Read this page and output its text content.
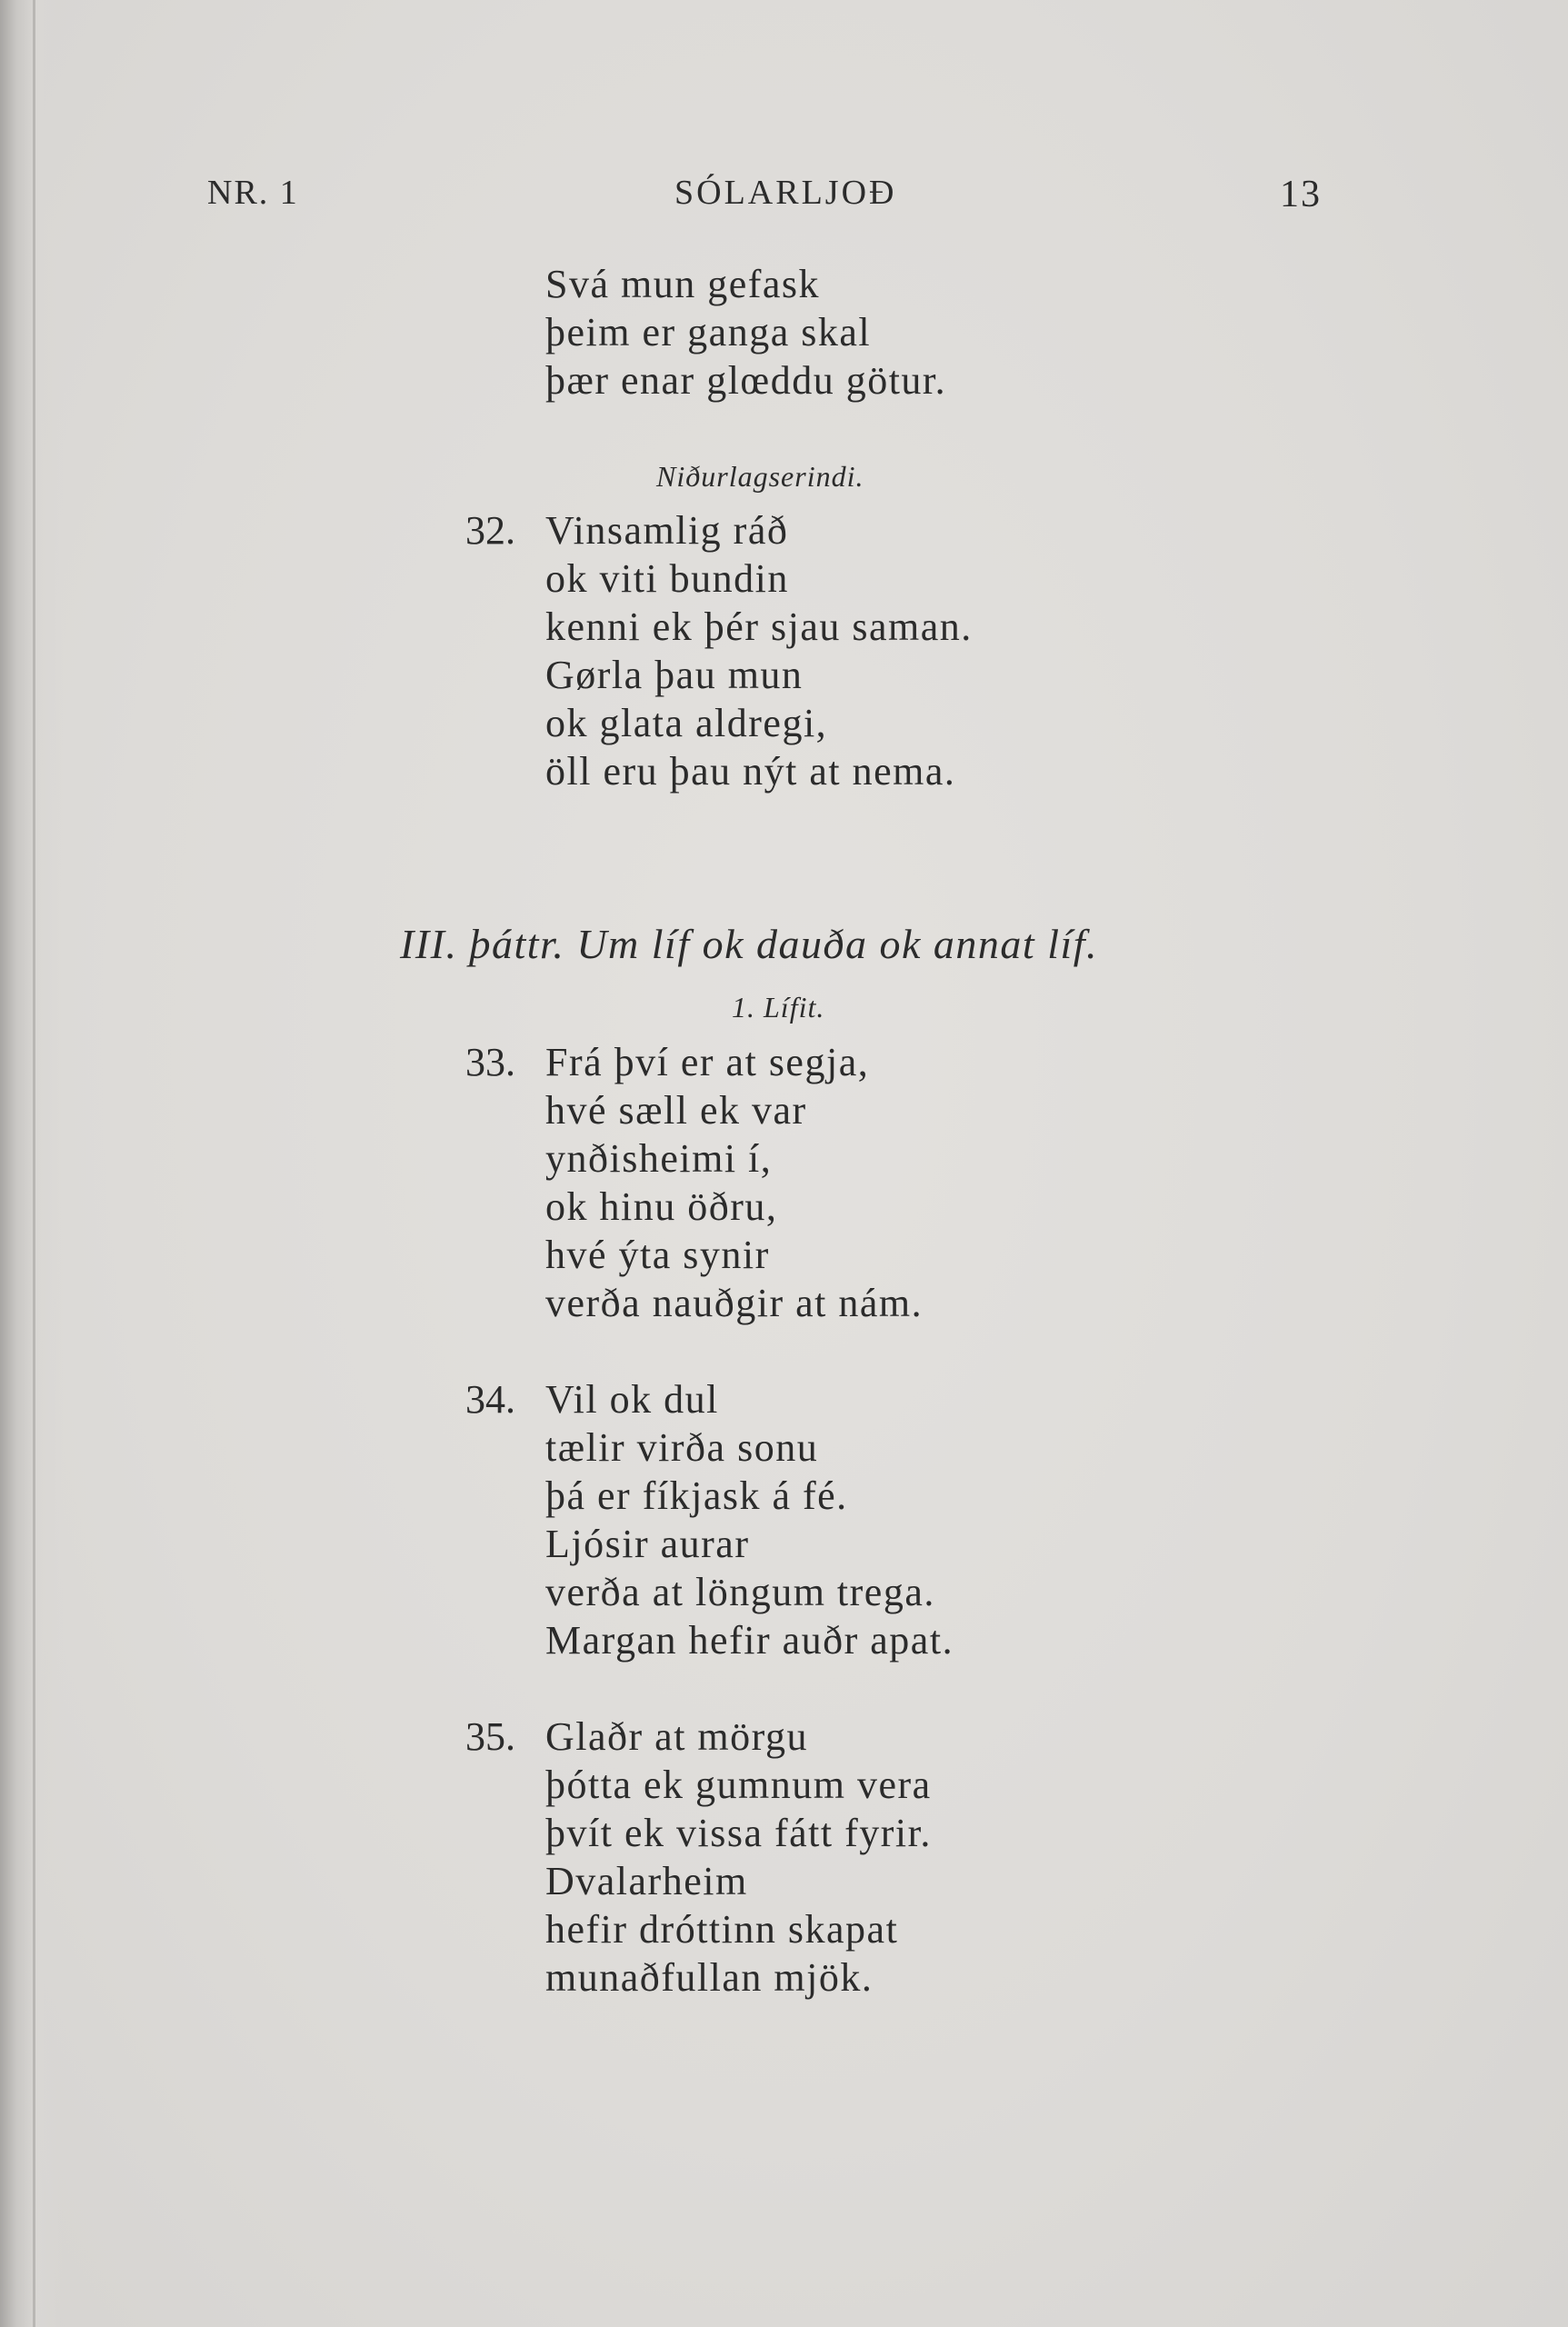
NR. 1	SÓLARLJOÐ	13
Svá mun gefask
þeim er ganga skal
þær enar glœddu götur.
Niðurlagserindi.
32. Vinsamlig ráð
ok viti bundin
kenni ek þér sjau saman.
Gørla þau mun
ok glata aldregi,
öll eru þau nýt at nema.
III. þáttr. Um líf ok dauða ok annat líf.
1. Lífit.
33. Frá því er at segja,
hvé sæll ek var
ynðisheimi í,
ok hinu öðru,
hvé ýta synir
verða nauðgir at nám.
34. Vil ok dul
tælir virða sonu
þá er fíkjask á fé.
Ljósir aurar
verða at löngum trega.
Margan hefir auðr apat.
35. Glaðr at mörgu
þótta ek gumnum vera
þvít ek vissa fátt fyrir.
Dvalarheim
hefir dróttinn skapat
munaðfullan mjök.
